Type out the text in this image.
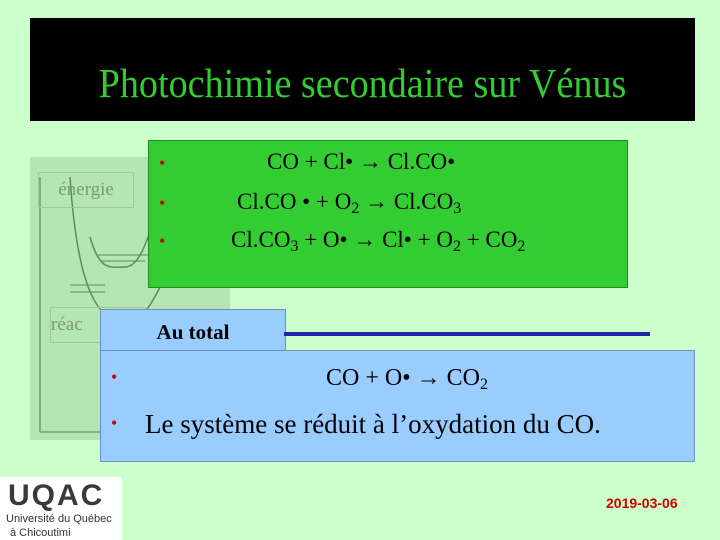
Photochimie secondaire sur Vénus
énergie
réac
•	CO + Cl• → Cl.CO•
•	Cl.CO • + $O_2 \to Cl.CO_3$
•	$Cl.CO_3$ + O• → Cl• + $O_2 + CO_2$
Au total
•	CO + O• → $CO_2$
• Le système se réduit à l’oxydation du CO.
UQAC
Université du Québec
à Chicoutimi
2019-03-06
